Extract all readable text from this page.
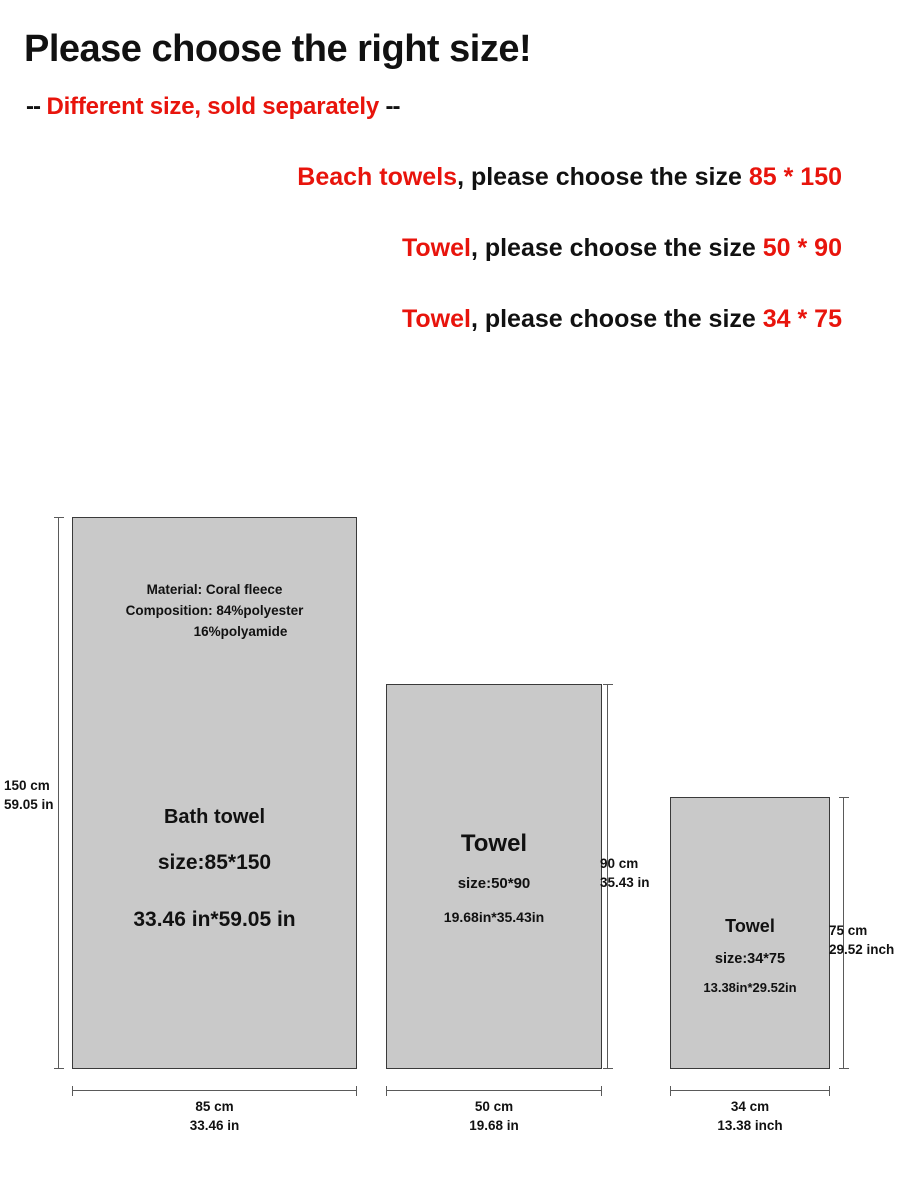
Please choose the right size!
-- Different size, sold separately --
Beach towels, please choose the size 85 * 150
Towel, please choose the size 50 * 90
Towel, please choose the size 34 * 75
Material: Coral fleece
Composition: 84%polyester

16%polyamide
Bath towel
size:85*150
33.46 in*59.05 in
150 cm
59.05 in
85 cm
33.46 in
Towel
size:50*90
19.68in*35.43in
90 cm
35.43 in
50 cm
19.68 in
Towel
size:34*75
13.38in*29.52in
75 cm
29.52 inch
34 cm
13.38 inch
